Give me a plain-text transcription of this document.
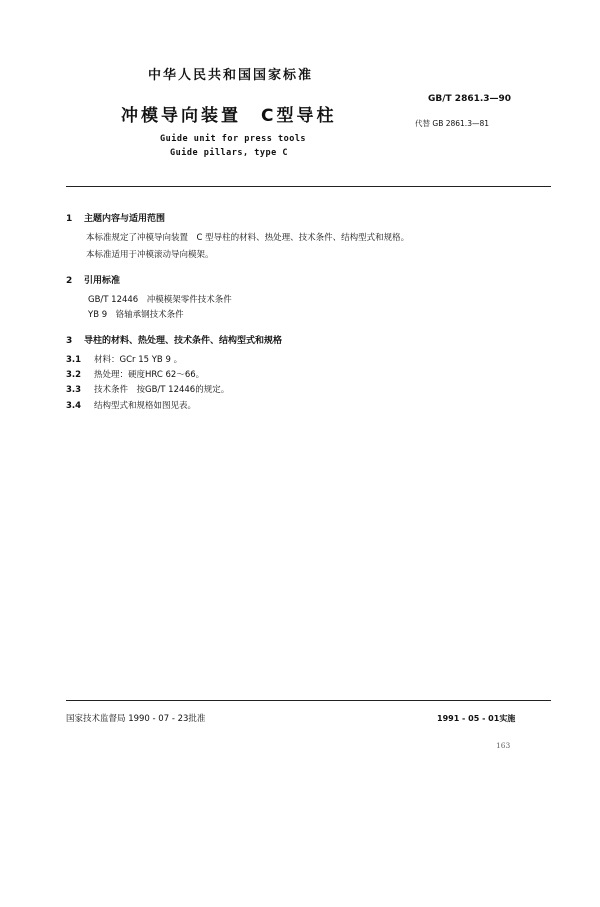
中华人民共和国国家标准
冲模导向装置　C型导柱
GB/T 2861.3—90
代替 GB 2861.3—81
Guide unit for press tools
Guide pillars, type C
1 主题内容与适用范围
本标准规定了冲模导向装置　C 型导柱的材料、热处理、技术条件、结构型式和规格。
本标准适用于冲模滚动导向模架。
2 引用标准
GB/T 12446　冲模模架零件技术条件
YB 9　铬轴承钢技术条件
3 导柱的材料、热处理、技术条件、结构型式和规格
3.1 材料：GCr 15 YB 9 。
3.2 热处理：硬度HRC 62～66。
3.3 技术条件　按GB/T 12446的规定。
3.4 结构型式和规格如图见表。
国家技术监督局 1990 - 07 - 23批准	1991 - 05 - 01实施
163
